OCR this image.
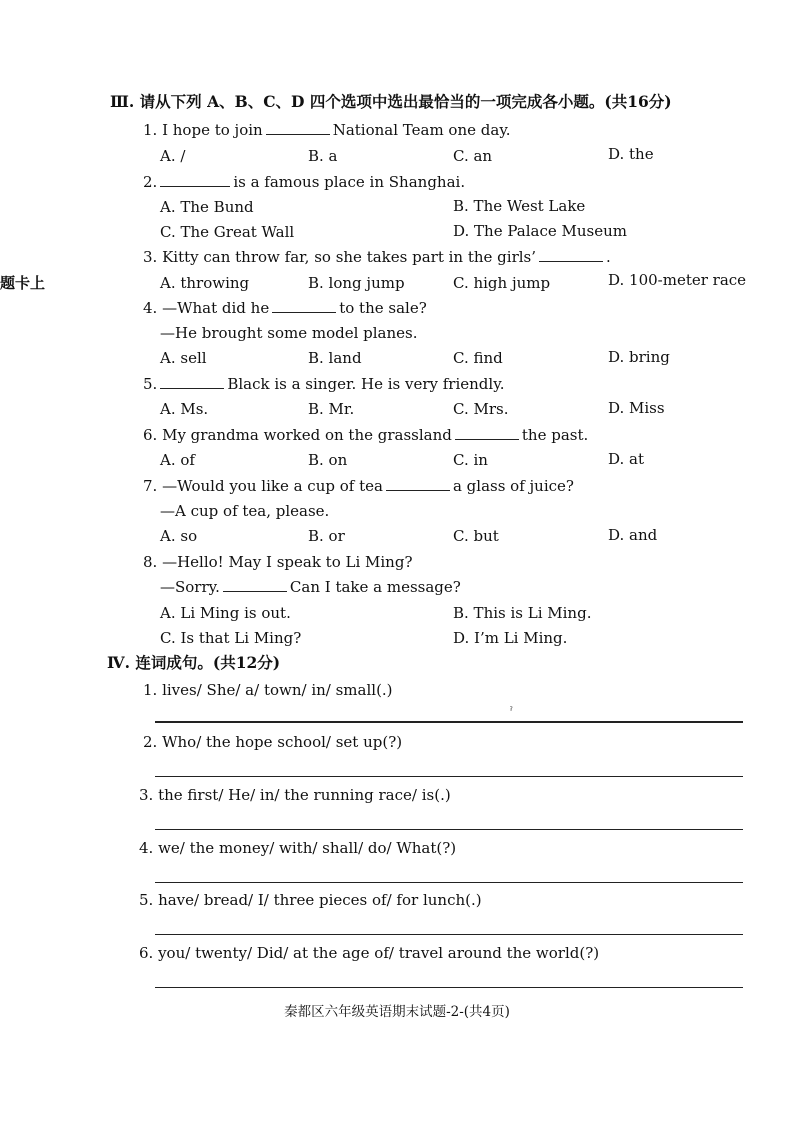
题卡上
Ⅲ. 请从下列 A、B、C、D 四个选项中选出最恰当的一项完成各小题。(共16分)
1. I hope to join	National Team one day.
A. /	B. a	C. an	D. the
2.	is a famous place in Shanghai.
A. The Bund	B. The West Lake
C. The Great Wall	D. The Palace Museum
3. Kitty can throw far, so she takes part in the girls’	.
A. throwing	B. long jump	C. high jump	D. 100-meter race
4. —What did he	to the sale?
—He brought some model planes.
A. sell	B. land	C. find	D. bring
5.	Black is a singer. He is very friendly.
A. Ms.	B. Mr.	C. Mrs.	D. Miss
6. My grandma worked on the grassland	the past.
A. of	B. on	C. in	D. at
7. —Would you like a cup of tea	a glass of juice?
—A cup of tea, please.
A. so	B. or	C. but	D. and
8. —Hello! May I speak to Li Ming?
—Sorry.	Can I take a message?
A. Li Ming is out.	B. This is Li Ming.
C. Is that Li Ming?	D. I’m Li Ming.
Ⅳ. 连词成句。(共12分)
1. lives/ She/ a/ town/ in/ small(.)
ˀ
2. Who/ the hope school/ set up(?)
3. the first/ He/ in/ the running race/ is(.)
4. we/ the money/ with/ shall/ do/ What(?)
5. have/ bread/ I/ three pieces of/ for lunch(.)
6. you/ twenty/ Did/ at the age of/ travel around the world(?)
秦都区六年级英语期末试题-2-(共4页)
